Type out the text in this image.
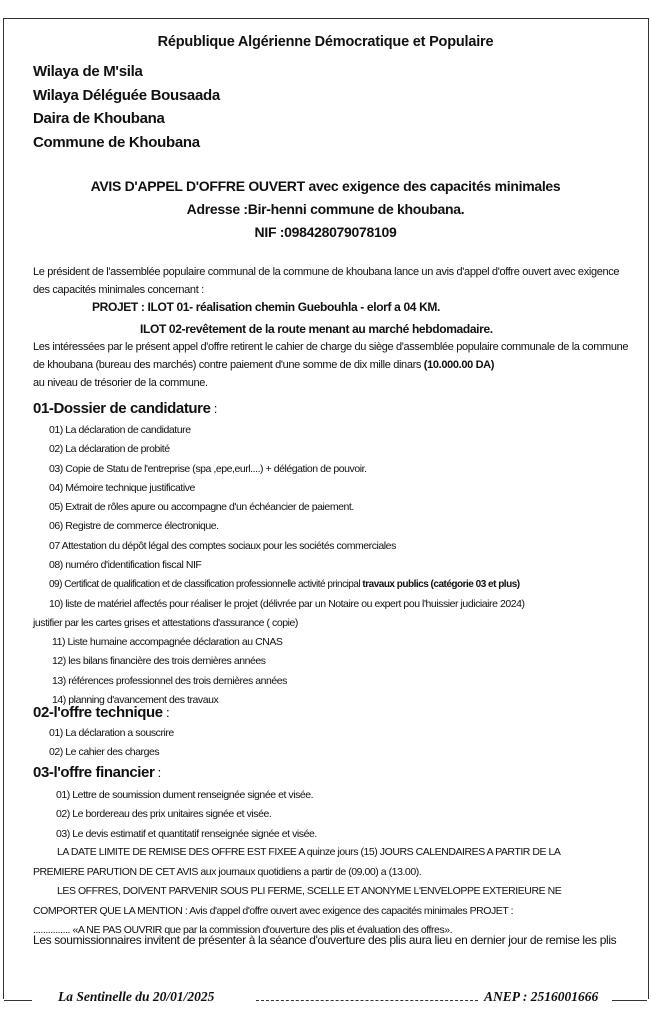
République Algérienne Démocratique et Populaire
Wilaya de M'sila
Wilaya Déléguée Bousaada
Daira de Khoubana
Commune de Khoubana
AVIS D'APPEL D'OFFRE OUVERT avec exigence des capacités minimales
Adresse :Bir-henni commune de khoubana.
NIF :098428079078109
Le président de l'assemblée populaire communal de la commune de khoubana lance un avis d'appel d'offre ouvert avec exigence des capacités minimales concernant :
PROJET : ILOT 01- réalisation chemin Guebouhla - elorf a 04 KM.
ILOT 02-revêtement de la route menant au marché hebdomadaire.
Les intéressées par le présent appel d'offre retirent le cahier de charge du siège d'assemblée populaire communale de la commune de khoubana (bureau des marchés) contre paiement d'une somme de dix mille dinars (10.000.00 DA)
au niveau de trésorier de la commune.
01-Dossier de candidature :
01) La déclaration de candidature
02) La déclaration de probité
03) Copie de Statu de l'entreprise (spa ,epe,eurl....) + délégation de pouvoir.
04) Mémoire technique justificative
05) Extrait de rôles apure ou accompagne d'un échéancier de paiement.
06) Registre de commerce électronique.
07 Attestation du dépôt légal des comptes sociaux pour les sociétés commerciales
08) numéro d'identification fiscal NIF
09) Certificat de qualification et de classification professionnelle activité principal travaux publics (catégorie 03 et plus)
10) liste de matériel affectés pour réaliser le projet (délivrée par un Notaire ou expert pou l'huissier judiciaire 2024)
justifier par les cartes grises et attestations d'assurance ( copie)
11) Liste humaine accompagnée déclaration au CNAS
12) les bilans financière des trois dernières années
13) références professionnel des trois dernières années
14) planning d'avancement des travaux
02-l'offre technique :
01) La déclaration a souscrire
02) Le cahier des charges
03-l'offre financier :
01) Lettre de soumission dument renseignée signée et visée.
02) Le bordereau des prix unitaires signée et visée.
03) Le devis estimatif et quantitatif renseignée signée et visée.
LA DATE LIMITE DE REMISE DES OFFRE EST FIXEE A quinze jours (15) JOURS CALENDAIRES A PARTIR DE LA
PREMIERE PARUTION DE CET AVIS aux journaux quotidiens a partir de (09.00) a (13.00).
LES OFFRES, DOIVENT PARVENIR SOUS PLI FERME, SCELLE ET ANONYME L'ENVELOPPE EXTERIEURE NE
COMPORTER QUE LA MENTION : Avis d'appel d'offre ouvert avec exigence des capacités minimales PROJET :
............... «A NE PAS OUVRIR que par la commission d'ouverture des plis et évaluation des offres».
Les soumissionnaires invitent de présenter à la séance d'ouverture des plis aura lieu en dernier jour de remise les plis
La Sentinelle du 20/01/2025	ANEP : 2516001666
